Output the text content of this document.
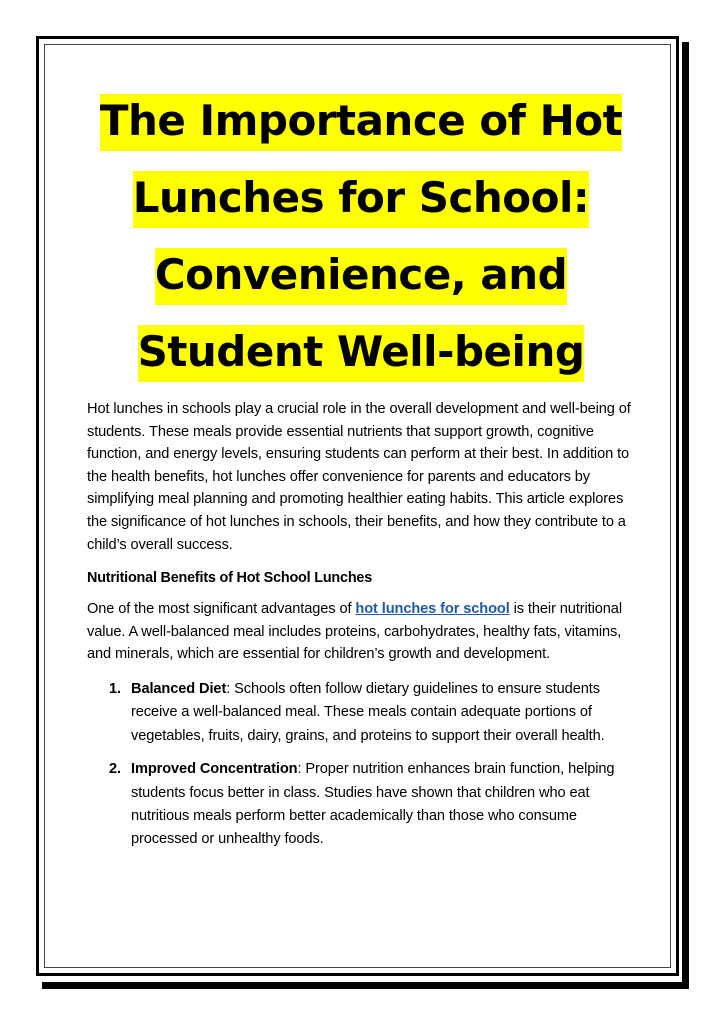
The Importance of Hot
Lunches for School:
Convenience, and
Student Well-being

Hot lunches in schools play a crucial role in the overall development and well-being of students. These meals provide essential nutrients that support growth, cognitive function, and energy levels, ensuring students can perform at their best. In addition to the health benefits, hot lunches offer convenience for parents and educators by simplifying meal planning and promoting healthier eating habits. This article explores the significance of hot lunches in schools, their benefits, and how they contribute to a child’s overall success.

Nutritional Benefits of Hot School Lunches

One of the most significant advantages of hot lunches for school is their nutritional value. A well-balanced meal includes proteins, carbohydrates, healthy fats, vitamins, and minerals, which are essential for children’s growth and development.

1. Balanced Diet: Schools often follow dietary guidelines to ensure students receive a well-balanced meal. These meals contain adequate portions of vegetables, fruits, dairy, grains, and proteins to support their overall health.
2. Improved Concentration: Proper nutrition enhances brain function, helping students focus better in class. Studies have shown that children who eat nutritious meals perform better academically than those who consume processed or unhealthy foods.
